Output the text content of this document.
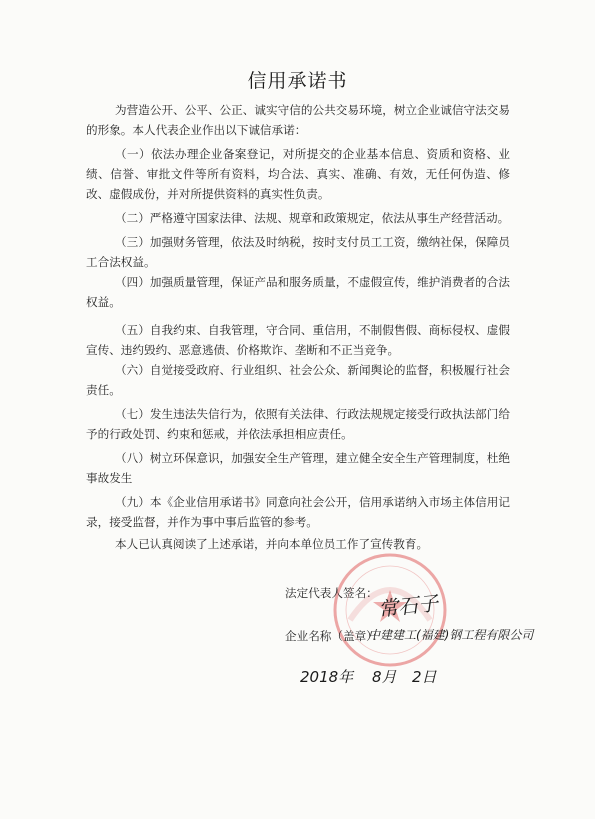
信用承诺书
为营造公开、公平、公正、诚实守信的公共交易环境，树立企业诚信守法交易的形象。本人代表企业作出以下诚信承诺：
（一）依法办理企业备案登记，对所提交的企业基本信息、资质和资格、业绩、信誉、审批文件等所有资料，均合法、真实、准确、有效，无任何伪造、修改、虚假成份，并对所提供资料的真实性负责。
（二）严格遵守国家法律、法规、规章和政策规定，依法从事生产经营活动。
（三）加强财务管理，依法及时纳税，按时支付员工工资，缴纳社保，保障员工合法权益。
（四）加强质量管理，保证产品和服务质量，不虚假宣传，维护消费者的合法权益。
（五）自我约束、自我管理，守合同、重信用，不制假售假、商标侵权、虚假宣传、违约毁约、恶意逃债、价格欺诈、垄断和不正当竞争。
（六）自觉接受政府、行业组织、社会公众、新闻舆论的监督，积极履行社会责任。
（七）发生违法失信行为，依照有关法律、行政法规规定接受行政执法部门给予的行政处罚、约束和惩戒，并依法承担相应责任。
（八）树立环保意识，加强安全生产管理，建立健全安全生产管理制度，杜绝事故发生
（九）本《企业信用承诺书》同意向社会公开，信用承诺纳入市场主体信用记录，接受监督，并作为事中事后监管的参考。
本人已认真阅读了上述承诺，并向本单位员工作了宣传教育。
法定代表人签名： 常石子
企业名称（盖章）：
中建建工(福建)钢工程有限公司
2018年 8月 2日
